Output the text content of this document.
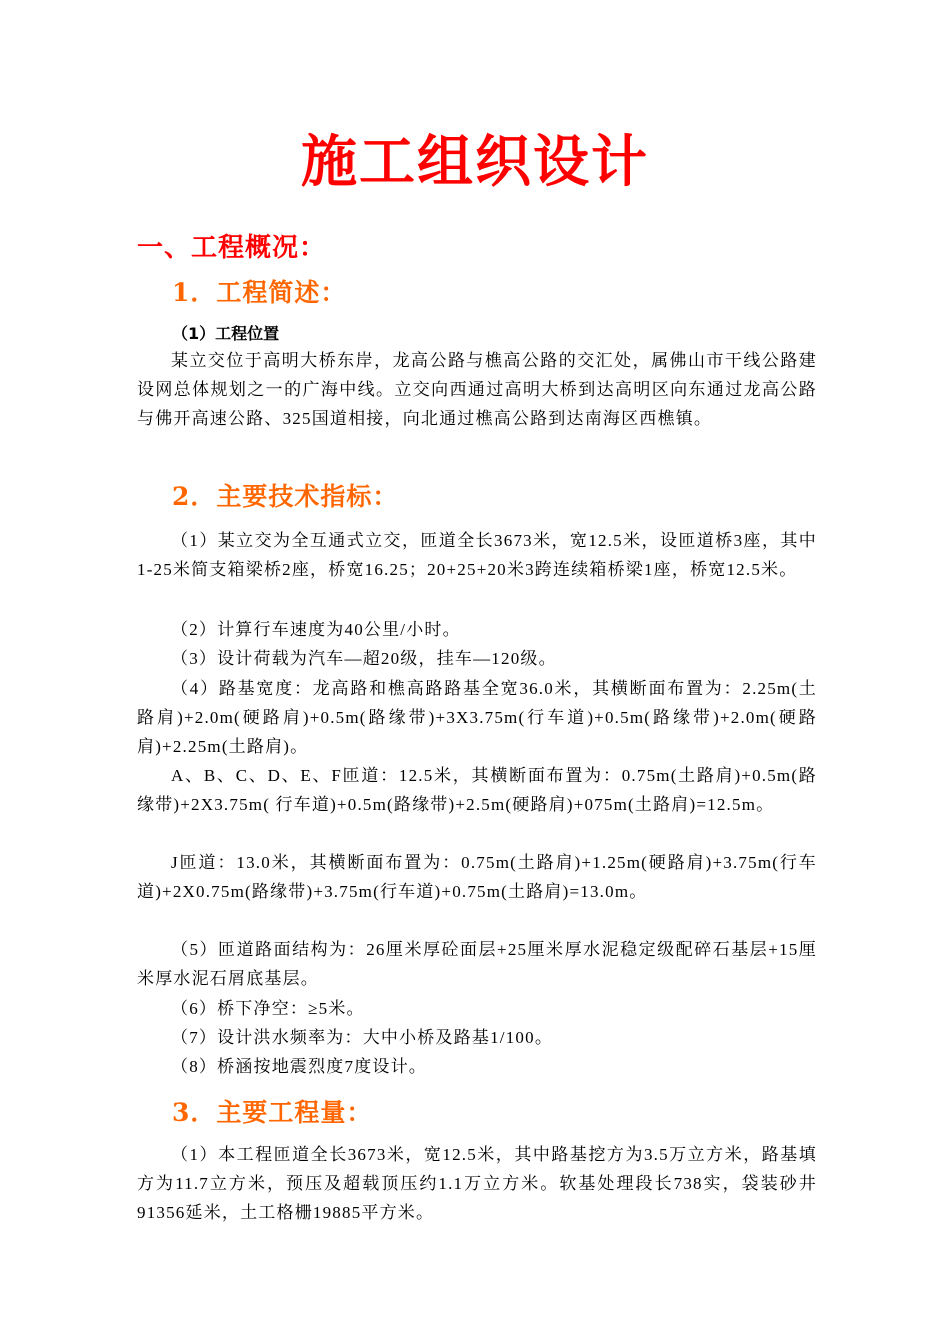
施工组织设计
一、工程概况：
1．工程简述：
（1）工程位置

某立交位于高明大桥东岸，龙高公路与樵高公路的交汇处，属佛山市干线公路建设网总体规划之一的广海中线。立交向西通过高明大桥到达高明区向东通过龙高公路与佛开高速公路、325国道相接，向北通过樵高公路到达南海区西樵镇。

2．主要技术指标：

（1）某立交为全互通式立交，匝道全长3673米，宽12.5米，设匝道桥3座，其中1-25米简支箱梁桥2座，桥宽16.25；20+25+20米3跨连续箱桥梁1座，桥宽12.5米。

（2）计算行车速度为40公里/小时。

（3）设计荷载为汽车—超20级，挂车—120级。

（4）路基宽度：龙高路和樵高路路基全宽36.0米，其横断面布置为：2.25m(土路肩)+2.0m(硬路肩)+0.5m(路缘带)+3X3.75m(行车道)+0.5m(路缘带)+2.0m(硬路肩)+2.25m(土路肩)。

A、B、C、D、E、F匝道：12.5米，其横断面布置为：0.75m(土路肩)+0.5m(路缘带)+2X3.75m( 行车道)+0.5m(路缘带)+2.5m(硬路肩)+075m(土路肩)=12.5m。

J匝道：13.0米，其横断面布置为：0.75m(土路肩)+1.25m(硬路肩)+3.75m(行车道)+2X0.75m(路缘带)+3.75m(行车道)+0.75m(土路肩)=13.0m。

（5）匝道路面结构为：26厘米厚砼面层+25厘米厚水泥稳定级配碎石基层+15厘米厚水泥石屑底基层。

（6）桥下净空：≥5米。

（7）设计洪水频率为：大中小桥及路基1/100。

（8）桥涵按地震烈度7度设计。

3．主要工程量：

（1）本工程匝道全长3673米，宽12.5米，其中路基挖方为3.5万立方米，路基填方为11.7立方米，预压及超载顶压约1.1万立方米。软基处理段长738实，袋装砂井91356延米，土工格栅19885平方米。
